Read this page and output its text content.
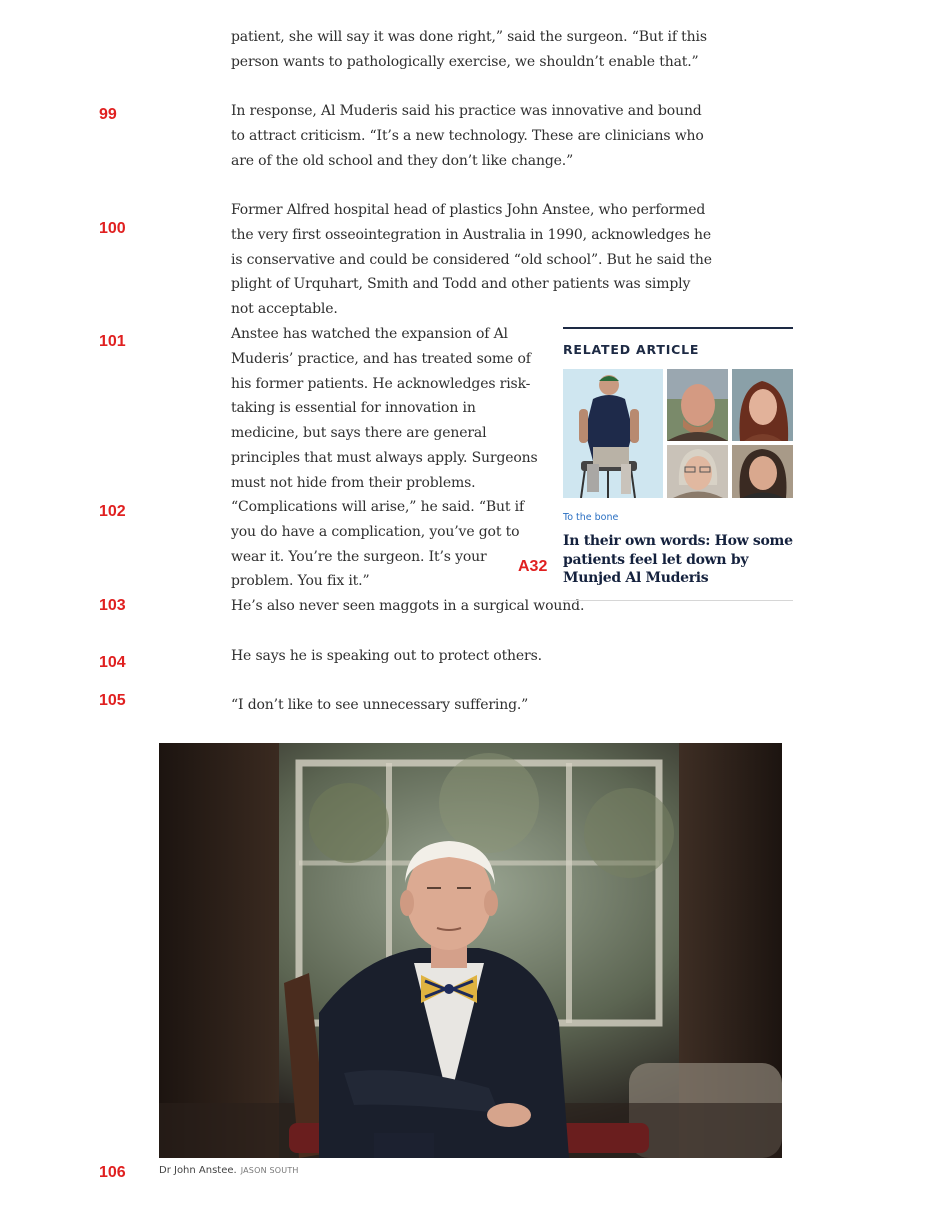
99
100
101
102
103
104
105
106

patient, she will say it was done right,” said the surgeon. “But if this person wants to pathologically exercise, we shouldn’t enable that.”

In response, Al Muderis said his practice was innovative and bound to attract criticism. “It’s a new technology. These are clinicians who are of the old school and they don’t like change.”

Former Alfred hospital head of plastics John Anstee, who performed the very first osseointegration in Australia in 1990, acknowledges he is conservative and could be considered “old school”. But he said the plight of Urquhart, Smith and Todd and other patients was simply not acceptable.

Anstee has watched the expansion of Al Muderis’ practice, and has treated some of his former patients. He acknowledges risk-taking is essential for innovation in medicine, but says there are general principles that must always apply. Surgeons must not hide from their problems.

“Complications will arise,” he said. “But if you do have a complication, you’ve got to wear it. You’re the surgeon. It’s your problem. You fix it.”

He’s also never seen maggots in a surgical wound.

He says he is speaking out to protect others.

“I don’t like to see unnecessary suffering.”

A32
RELATED ARTICLE
To the bone
In their own words: How some patients feel let down by Munjed Al Muderis
Dr John Anstee. JASON SOUTH
